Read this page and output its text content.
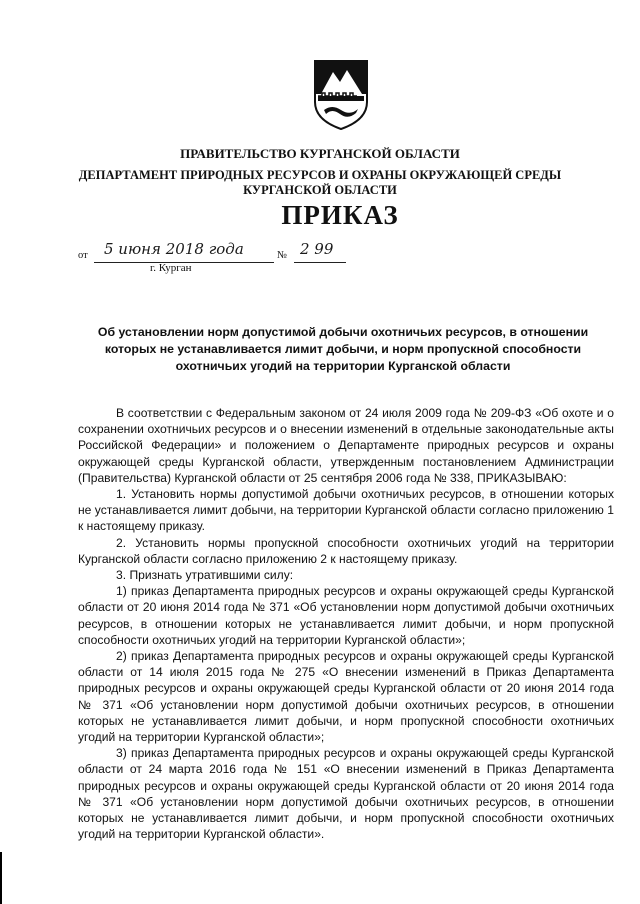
ПРАВИТЕЛЬСТВО КУРГАНСКОЙ ОБЛАСТИ
ДЕПАРТАМЕНТ ПРИРОДНЫХ РЕСУРСОВ И ОХРАНЫ ОКРУЖАЮЩЕЙ СРЕДЫ
КУРГАНСКОЙ ОБЛАСТИ
ПРИКАЗ
от 5 июня 2018 года	№ 2 99
г. Курган
Об установлении норм допустимой добычи охотничьих ресурсов, в отношении
которых не устанавливается лимит добычи, и норм пропускной способности
охотничьих угодий на территории Курганской области

В соответствии с Федеральным законом от 24 июля 2009 года № 209-ФЗ «Об охоте и о сохранении охотничьих ресурсов и о внесении изменений в отдельные законодательные акты Российской Федерации» и положением о Департаменте природных ресурсов и охраны окружающей среды Курганской области, утвержденным постановлением Администрации (Правительства) Курганской области от 25 сентября 2006 года № 338, ПРИКАЗЫВАЮ:

1. Установить нормы допустимой добычи охотничьих ресурсов, в отношении которых не устанавливается лимит добычи, на территории Курганской области согласно приложению 1 к настоящему приказу.

2. Установить нормы пропускной способности охотничьих угодий на территории Курганской области согласно приложению 2 к настоящему приказу.

3. Признать утратившими силу:

1) приказ Департамента природных ресурсов и охраны окружающей среды Курганской области от 20 июня 2014 года № 371 «Об установлении норм допустимой добычи охотничьих ресурсов, в отношении которых не устанавливается лимит добычи, и норм пропускной способности охотничьих угодий на территории Курганской области»;

2) приказ Департамента природных ресурсов и охраны окружающей среды Курганской области от 14 июля 2015 года № 275 «О внесении изменений в Приказ Департамента природных ресурсов и охраны окружающей среды Курганской области от 20 июня 2014 года № 371 «Об установлении норм допустимой добычи охотничьих ресурсов, в отношении которых не устанавливается лимит добычи, и норм пропускной способности охотничьих угодий на территории Курганской области»;

3) приказ Департамента природных ресурсов и охраны окружающей среды Курганской области от 24 марта 2016 года № 151 «О внесении изменений в Приказ Департамента природных ресурсов и охраны окружающей среды Курганской области от 20 июня 2014 года № 371 «Об установлении норм допустимой добычи охотничьих ресурсов, в отношении которых не устанавливается лимит добычи, и норм пропускной способности охотничьих угодий на территории Курганской области».
